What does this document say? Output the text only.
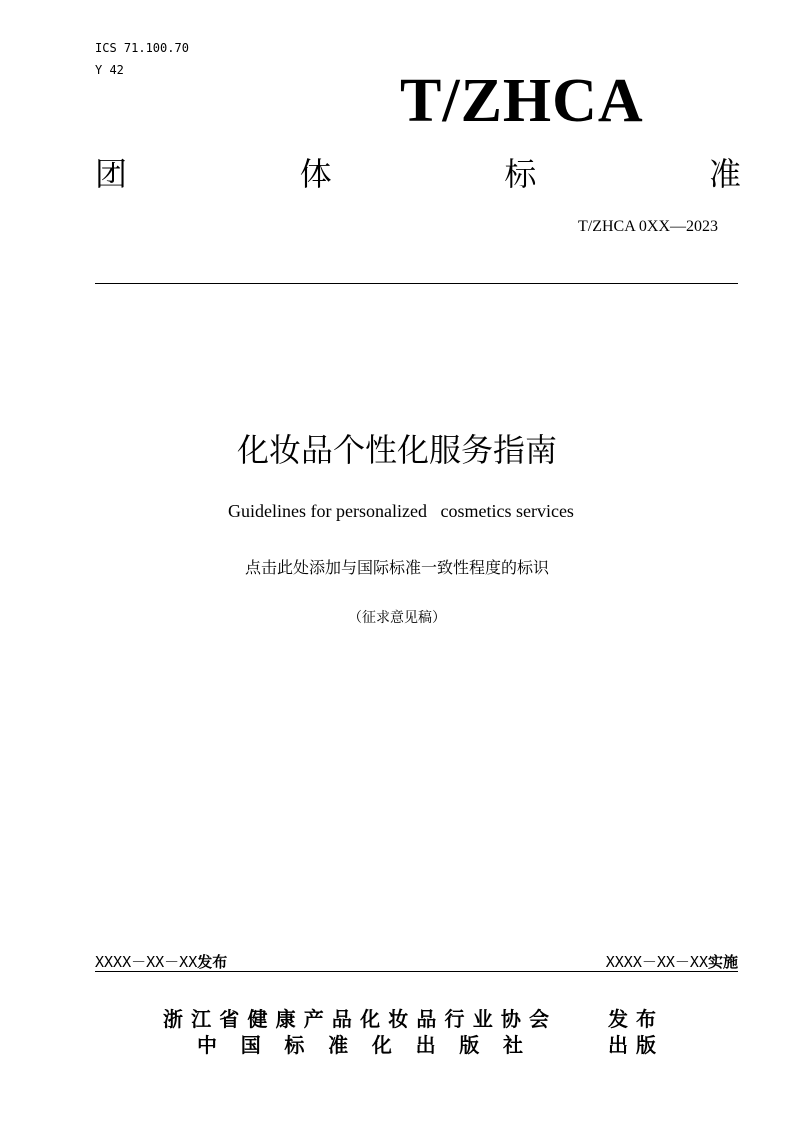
ICS 71.100.70
Y 42	T/ZHCA
团	体	标	准
T/ZHCA 0XX—2023
化妆品个性化服务指南
Guidelines for personalized   cosmetics services
点击此处添加与国际标准一致性程度的标识
（征求意见稿）
XXXX－XX－XX发布	XXXX－XX－XX实施
浙江省健康产品化妆品行业协会
中国标准化出版社
发布
出版
